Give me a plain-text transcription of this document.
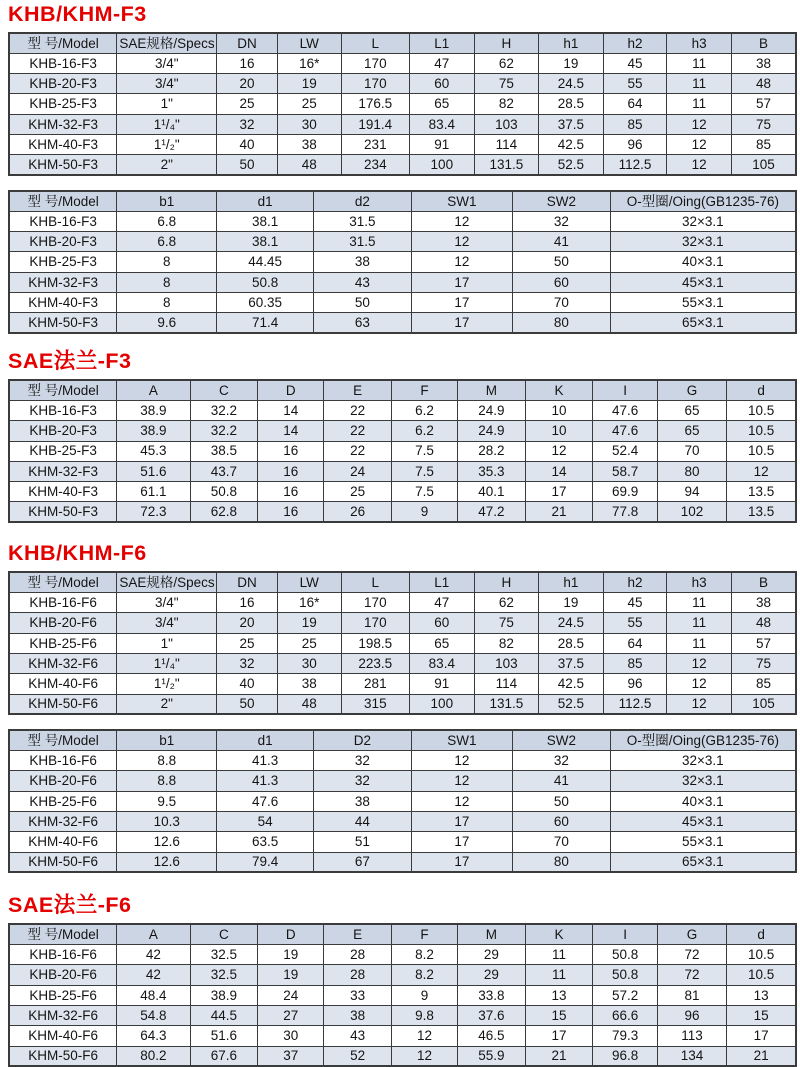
KHB/KHM-F3
型 号/Model	SAE规格/Specs	DN	LW	L	L1	H	h1	h2	h3	B
KHB-16-F3	3/4"	16	16*	170	47	62	19	45	11	38
KHB-20-F3	3/4"	20	19	170	60	75	24.5	55	11	48
KHB-25-F3	1"	25	25	176.5	65	82	28.5	64	11	57
KHM-32-F3	1¹/₄"	32	30	191.4	83.4	103	37.5	85	12	75
KHM-40-F3	1¹/₂"	40	38	231	91	114	42.5	96	12	85
KHM-50-F3	2"	50	48	234	100	131.5	52.5	112.5	12	105
型 号/Model	b1	d1	d2	SW1	SW2	O-型圈/Oing(GB1235-76)
KHB-16-F3	6.8	38.1	31.5	12	32	32×3.1
KHB-20-F3	6.8	38.1	31.5	12	41	32×3.1
KHB-25-F3	8	44.45	38	12	50	40×3.1
KHM-32-F3	8	50.8	43	17	60	45×3.1
KHM-40-F3	8	60.35	50	17	70	55×3.1
KHM-50-F3	9.6	71.4	63	17	80	65×3.1
SAE法兰-F3
型 号/Model	A	C	D	E	F	M	K	I	G	d
KHB-16-F3	38.9	32.2	14	22	6.2	24.9	10	47.6	65	10.5
KHB-20-F3	38.9	32.2	14	22	6.2	24.9	10	47.6	65	10.5
KHB-25-F3	45.3	38.5	16	22	7.5	28.2	12	52.4	70	10.5
KHM-32-F3	51.6	43.7	16	24	7.5	35.3	14	58.7	80	12
KHM-40-F3	61.1	50.8	16	25	7.5	40.1	17	69.9	94	13.5
KHM-50-F3	72.3	62.8	16	26	9	47.2	21	77.8	102	13.5
KHB/KHM-F6
型 号/Model	SAE规格/Specs	DN	LW	L	L1	H	h1	h2	h3	B
KHB-16-F6	3/4"	16	16*	170	47	62	19	45	11	38
KHB-20-F6	3/4"	20	19	170	60	75	24.5	55	11	48
KHB-25-F6	1"	25	25	198.5	65	82	28.5	64	11	57
KHM-32-F6	1¹/₄"	32	30	223.5	83.4	103	37.5	85	12	75
KHM-40-F6	1¹/₂"	40	38	281	91	114	42.5	96	12	85
KHM-50-F6	2"	50	48	315	100	131.5	52.5	112.5	12	105
型 号/Model	b1	d1	D2	SW1	SW2	O-型圈/Oing(GB1235-76)
KHB-16-F6	8.8	41.3	32	12	32	32×3.1
KHB-20-F6	8.8	41.3	32	12	41	32×3.1
KHB-25-F6	9.5	47.6	38	12	50	40×3.1
KHM-32-F6	10.3	54	44	17	60	45×3.1
KHM-40-F6	12.6	63.5	51	17	70	55×3.1
KHM-50-F6	12.6	79.4	67	17	80	65×3.1
SAE法兰-F6
型 号/Model	A	C	D	E	F	M	K	I	G	d
KHB-16-F6	42	32.5	19	28	8.2	29	11	50.8	72	10.5
KHB-20-F6	42	32.5	19	28	8.2	29	11	50.8	72	10.5
KHB-25-F6	48.4	38.9	24	33	9	33.8	13	57.2	81	13
KHM-32-F6	54.8	44.5	27	38	9.8	37.6	15	66.6	96	15
KHM-40-F6	64.3	51.6	30	43	12	46.5	17	79.3	113	17
KHM-50-F6	80.2	67.6	37	52	12	55.9	21	96.8	134	21
